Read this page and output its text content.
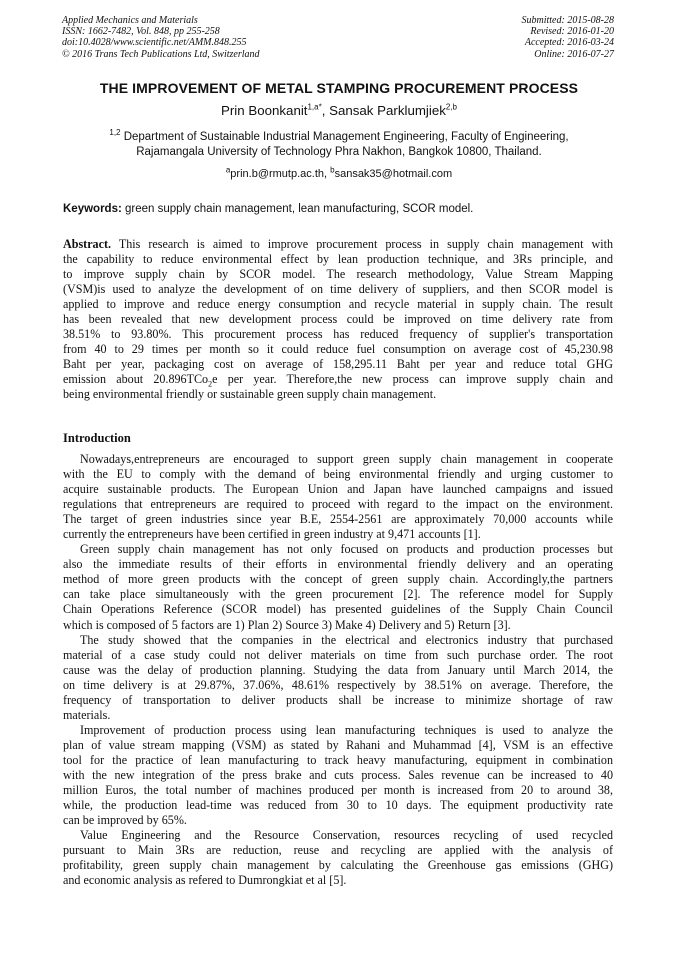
Applied Mechanics and Materials
ISSN: 1662-7482, Vol. 848, pp 255-258
doi:10.4028/www.scientific.net/AMM.848.255
© 2016 Trans Tech Publications Ltd, Switzerland
Submitted: 2015-08-28
Revised: 2016-01-20
Accepted: 2016-03-24
Online: 2016-07-27
THE IMPROVEMENT OF METAL STAMPING PROCUREMENT PROCESS
Prin Boonkanit$^{1,a*}$, Sansak Parklumjiek$^{2,b}$
$^{1,2}$ Department of Sustainable Industrial Management Engineering, Faculty of Engineering,
Rajamangala University of Technology Phra Nakhon, Bangkok 10800, Thailand.
$^a$prin.b@rmutp.ac.th, $^b$sansak35@hotmail.com
Keywords: green supply chain management, lean manufacturing, SCOR model.
Abstract. This research is aimed to improve procurement process in supply chain management with
the capability to reduce environmental effect by lean production technique, and 3Rs principle, and
to improve supply chain by SCOR model. The research methodology, Value Stream Mapping
(VSM)is used to analyze the development of on time delivery of suppliers, and then SCOR model is
applied to improve and reduce energy consumption and recycle material in supply chain. The result
has been revealed that new development process could be improved on time delivery rate from
38.51% to 93.80%. This procurement process has reduced frequency of supplier's transportation
from 40 to 29 times per month so it could reduce fuel consumption on average cost of 45,230.98
Baht per year, packaging cost on average of 158,295.11 Baht per year and reduce total GHG
emission about 20.896TCo$_2$e per year. Therefore,the new process can improve supply chain and
being environmental friendly or sustainable green supply chain management.
Introduction
Nowadays,entrepreneurs are encouraged to support green supply chain management in cooperate
with the EU to comply with the demand of being environmental friendly and urging customer to
acquire sustainable products. The European Union and Japan have launched campaigns and issued
regulations that entrepreneurs are required to proceed with regard to the impact on the environment.
The target of green industries since year B.E, 2554-2561 are approximately 70,000 accounts while
currently the entrepreneurs have been certified in green industry at 9,471 accounts [1].
Green supply chain management has not only focused on products and production processes but
also the immediate results of their efforts in environmental friendly delivery and an operating
method of more green products with the concept of green supply chain. Accordingly,the partners
can take place simultaneously with the green procurement [2]. The reference model for Supply
Chain Operations Reference (SCOR model) has presented guidelines of the Supply Chain Council
which is composed of 5 factors are 1) Plan 2) Source 3) Make 4) Delivery and 5) Return [3].
The study showed that the companies in the electrical and electronics industry that purchased
material of a case study could not deliver materials on time from such purchase order. The root
cause was the delay of production planning. Studying the data from January until March 2014, the
on time delivery is at 29.87%, 37.06%, 48.61% respectively by 38.51% on average. Therefore, the
frequency of transportation to deliver products shall be increase to minimize shortage of raw
materials.
Improvement of production process using lean manufacturing techniques is used to analyze the
plan of value stream mapping (VSM) as stated by Rahani and Muhammad [4], VSM is an effective
tool for the practice of lean manufacturing to track heavy manufacturing, equipment in combination
with the new integration of the press brake and cuts process. Sales revenue can be increased to 40
million Euros, the total number of machines produced per month is increased from 20 to around 38,
while, the production lead-time was reduced from 30 to 10 days. The equipment productivity rate
can be improved by 65%.
Value Engineering and the Resource Conservation, resources recycling of used recycled
pursuant to Main 3Rs are reduction, reuse and recycling are applied with the analysis of
profitability, green supply chain management by calculating the Greenhouse gas emissions (GHG)
and economic analysis as refered to Dumrongkiat et al [5].
